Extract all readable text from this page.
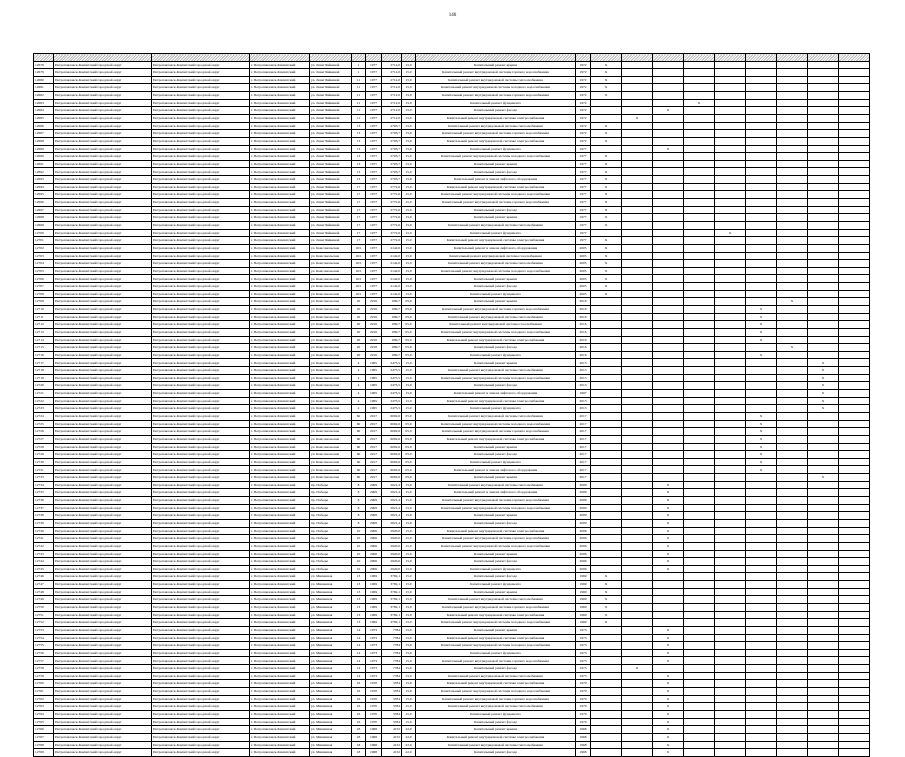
146

12676	Петропавловск-Камчатский городской округ	Петропавловск-Камчатский городской округ	г. Петропавловск-Камчатский	ул. Лени Чайкиной	1	1977	2712,0	15,0	Капитальный ремонт крыши	1972	X								
12679	Петропавловск-Камчатский городской округ	Петропавловск-Камчатский городской округ	г. Петропавловск-Камчатский	ул. Лени Чайкиной	1	1977	2712,0	15,0	Капитальный ремонт внутридомовой системы горячего водоснабжения	1972	X								
12680	Петропавловск-Камчатский городской округ	Петропавловск-Камчатский городской округ	г. Петропавловск-Камчатский	ул. Лени Чайкиной	11	1977	2712,0	15,0	Капитальный ремонт внутридомовой системы теплоснабжения	1972	X								
12681	Петропавловск-Камчатский городской округ	Петропавловск-Камчатский городской округ	г. Петропавловск-Камчатский	ул. Лени Чайкиной	11	1977	2712,0	15,0	Капитальный ремонт внутридомовой системы холодного водоснабжения	1972	X								
12682	Петропавловск-Камчатский городской округ	Петропавловск-Камчатский городской округ	г. Петропавловск-Камчатский	ул. Лени Чайкиной	11	1977	2712,0	15,0	Капитальный ремонт внутридомовой системы горячего водоснабжения	1972	X								
12683	Петропавловск-Камчатский городской округ	Петропавловск-Камчатский городской округ	г. Петропавловск-Камчатский	ул. Лени Чайкиной	11	1977	2712,0	15,0	Капитальный ремонт фундамента	1972				X					
12684	Петропавловск-Камчатский городской округ	Петропавловск-Камчатский городской округ	г. Петропавловск-Камчатский	ул. Лени Чайкиной	11	1977	2712,0	15,0	Капитальный ремонт фасада	1972			X						
12685	Петропавловск-Камчатский городской округ	Петропавловск-Камчатский городской округ	г. Петропавловск-Камчатский	ул. Лени Чайкиной	11	1977	2712,0	15,0	Капитальный ремонт внутридомовой системы электроснабжения	1972		X							
12686	Петропавловск-Камчатский городской округ	Петропавловск-Камчатский городской округ	г. Петропавловск-Камчатский	ул. Лени Чайкиной	13	1977	2703,7	15,0	Капитальный ремонт внутридомовой системы теплоснабжения	1972	X								
12687	Петропавловск-Камчатский городской округ	Петропавловск-Камчатский городской округ	г. Петропавловск-Камчатский	ул. Лени Чайкиной	13	1977	2703,7	15,0	Капитальный ремонт внутридомовой системы горячего водоснабжения	1972	X								
12688	Петропавловск-Камчатский городской округ	Петропавловск-Камчатский городской округ	г. Петропавловск-Камчатский	ул. Лени Чайкиной	13	1977	2703,7	15,0	Капитальный ремонт внутридомовой системы электроснабжения	1972	X								
12689	Петропавловск-Камчатский городской округ	Петропавловск-Камчатский городской округ	г. Петропавловск-Камчатский	ул. Лени Чайкиной	13	1977	2703,7	15,0	Капитальный ремонт фундамента	1977			X						
12690	Петропавловск-Камчатский городской округ	Петропавловск-Камчатский городской округ	г. Петропавловск-Камчатский	ул. Лени Чайкиной	13	1977	2703,7	15,0	Капитальный ремонт внутридомовой системы холодного водоснабжения	1977	X								
12691	Петропавловск-Камчатский городской округ	Петропавловск-Камчатский городской округ	г. Петропавловск-Камчатский	ул. Лени Чайкиной	13	1977	2703,7	15,0	Капитальный ремонт крыши	1977	X								
12692	Петропавловск-Камчатский городской округ	Петропавловск-Камчатский городской округ	г. Петропавловск-Камчатский	ул. Лени Чайкиной	13	1977	2703,7	15,0	Капитальный ремонт фасада	1977	X								
12693	Петропавловск-Камчатский городской округ	Петропавловск-Камчатский городской округ	г. Петропавловск-Камчатский	ул. Лени Чайкиной	13	1977	2703,7	15,0	Капитальный ремонт и замена лифтового оборудования	1977	X								
12694	Петропавловск-Камчатский городской округ	Петропавловск-Камчатский городской округ	г. Петропавловск-Камчатский	ул. Лени Чайкиной	17	1977	2772,6	15,0	Капитальный ремонт внутридомовой системы электроснабжения	1977	X								
12695	Петропавловск-Камчатский городской округ	Петропавловск-Камчатский городской округ	г. Петропавловск-Камчатский	ул. Лени Чайкиной	17	1977	2772,6	15,0	Капитальный ремонт внутридомовой системы холодного водоснабжения	1977	X								
12696	Петропавловск-Камчатский городской округ	Петропавловск-Камчатский городской округ	г. Петропавловск-Камчатский	ул. Лени Чайкиной	17	1977	2772,6	15,0	Капитальный ремонт внутридомовой системы горячего водоснабжения	1977	X								
12697	Петропавловск-Камчатский городской округ	Петропавловск-Камчатский городской округ	г. Петропавловск-Камчатский	ул. Лени Чайкиной	17	1977	2772,6	15,0	Капитальный ремонт фасада	1977	X								
12698	Петропавловск-Камчатский городской округ	Петропавловск-Камчатский городской округ	г. Петропавловск-Камчатский	ул. Лени Чайкиной	17	1977	2772,6	15,0	Капитальный ремонт крыши	1977	X								
12699	Петропавловск-Камчатский городской округ	Петропавловск-Камчатский городской округ	г. Петропавловск-Камчатский	ул. Лени Чайкиной	17	1977	2772,6	15,0	Капитальный ремонт внутридомовой системы теплоснабжения	1977	X								
12700	Петропавловск-Камчатский городской округ	Петропавловск-Камчатский городской округ	г. Петропавловск-Камчатский	ул. Лени Чайкиной	17	1977	2772,6	15,0	Капитальный ремонт фундамента	1977					X				
12701	Петропавловск-Камчатский городской округ	Петропавловск-Камчатский городской округ	г. Петропавловск-Камчатский	ул. Лени Чайкиной	17	1977	2772,6	15,0	Капитальный ремонт внутридомовой системы электроснабжения	1977	X								
12702	Петропавловск-Камчатский городской округ	Петропавловск-Камчатский городской округ	г. Петропавловск-Камчатский	ул. Комсомольская	16/1	1977	2142,0	15,0	Капитальный ремонт и замена лифтового оборудования	2005	X								
12703	Петропавловск-Камчатский городской округ	Петропавловск-Камчатский городской округ	г. Петропавловск-Камчатский	ул. Комсомольская	16/1	1977	2142,0	15,0	Капитальный ремонт внутридомовой системы газоснабжения	2005	X								
12704	Петропавловск-Камчатский городской округ	Петропавловск-Камчатский городской округ	г. Петропавловск-Камчатский	ул. Комсомольская	16/1	1977	2142,0	15,0	Капитальный ремонт внутридомовой системы теплоснабжения	2005	X								
12705	Петропавловск-Камчатский городской округ	Петропавловск-Камчатский городской округ	г. Петропавловск-Камчатский	ул. Комсомольская	16/1	1977	2142,0	15,0	Капитальный ремонт внутридомовой системы холодного водоснабжения	2005	X								
12706	Петропавловск-Камчатский городской округ	Петропавловск-Камчатский городской округ	г. Петропавловск-Камчатский	ул. Комсомольская	16/1	1977	2142,0	15,0	Капитальный ремонт крыши	2005	X								
12707	Петропавловск-Камчатский городской округ	Петропавловск-Камчатский городской округ	г. Петропавловск-Камчатский	ул. Комсомольская	16/1	1977	2142,0	15,0	Капитальный ремонт фасада	2005	X								
12708	Петропавловск-Камчатский городской округ	Петропавловск-Камчатский городской округ	г. Петропавловск-Камчатский	ул. Комсомольская	16/1	1977	2142,0	15,0	Капитальный ремонт фундамента	2005	X								
12709	Петропавловск-Камчатский городской округ	Петропавловск-Камчатский городской округ	г. Петропавловск-Камчатский	ул. Комсомольская	20	2016	699,7	05,0	Капитальный ремонт крыши	2016							X		
12710	Петропавловск-Камчатский городской округ	Петропавловск-Камчатский городской округ	г. Петропавловск-Камчатский	ул. Комсомольская	20	2016	699,7	05,0	Капитальный ремонт внутридомовой системы горячего водоснабжения	2016						X			
12711	Петропавловск-Камчатский городской округ	Петропавловск-Камчатский городской округ	г. Петропавловск-Камчатский	ул. Комсомольская	20	2016	699,7	05,0	Капитальный ремонт внутридомовой системы теплоснабжения	2016						X			
12712	Петропавловск-Камчатский городской округ	Петропавловск-Камчатский городской округ	г. Петропавловск-Камчатский	ул. Комсомольская	20	2016	699,7	05,0	Капитальный ремонт внутридомовой системы газоснабжения	2016						X			
12713	Петропавловск-Камчатский городской округ	Петропавловск-Камчатский городской округ	г. Петропавловск-Камчатский	ул. Комсомольская	20	2016	699,7	05,0	Капитальный ремонт внутридомовой системы холодного водоснабжения	2016						X			
12714	Петропавловск-Камчатский городской округ	Петропавловск-Камчатский городской округ	г. Петропавловск-Камчатский	ул. Комсомольская	20	2016	699,7	05,0	Капитальный ремонт внутридомовой системы электроснабжения	2016						X			
12715	Петропавловск-Камчатский городской округ	Петропавловск-Камчатский городской округ	г. Петропавловск-Камчатский	ул. Комсомольская	20	2016	699,7	05,0	Капитальный ремонт фасада	2016							X		
12716	Петропавловск-Камчатский городской округ	Петропавловск-Камчатский городской округ	г. Петропавловск-Камчатский	ул. Комсомольская	20	2016	699,7	05,0	Капитальный ремонт фундамента	2016						X			
12717	Петропавловск-Камчатский городской округ	Петропавловск-Камчатский городской округ	г. Петропавловск-Камчатский	ул. Комсомольская	4	1965	2475,5	15,0	Капитальный ремонт крыши	2013								X	
12718	Петропавловск-Камчатский городской округ	Петропавловск-Камчатский городской округ	г. Петропавловск-Камчатский	ул. Комсомольская	4	1965	2475,5	15,0	Капитальный ремонт внутридомовой системы теплоснабжения	2013								X	
12719	Петропавловск-Камчатский городской округ	Петропавловск-Камчатский городской округ	г. Петропавловск-Камчатский	ул. Комсомольская	4	1965	2475,5	15,0	Капитальный ремонт внутридомовой системы холодного водоснабжения	2013								X	
12720	Петропавловск-Камчатский городской округ	Петропавловск-Камчатский городской округ	г. Петропавловск-Камчатский	ул. Комсомольская	4	1965	2475,5	15,0	Капитальный ремонт фасада	2013								X	
12721	Петропавловск-Камчатский городской округ	Петропавловск-Камчатский городской округ	г. Петропавловск-Камчатский	ул. Комсомольская	4	1965	2475,5	15,0	Капитальный ремонт и замена лифтового оборудования	1997								X	
12722	Петропавловск-Камчатский городской округ	Петропавловск-Камчатский городской округ	г. Петропавловск-Камчатский	ул. Комсомольская	4	1965	2475,5	15,0	Капитальный ремонт внутридомовой системы электроснабжения	2013								X	
12723	Петропавловск-Камчатский городской округ	Петропавловск-Камчатский городской округ	г. Петропавловск-Камчатский	ул. Комсомольская	4	1965	2475,5	15,0	Капитальный ремонт фундамента	2013								X	
12724	Петропавловск-Камчатский городской округ	Петропавловск-Камчатский городской округ	г. Петропавловск-Камчатский	ул. Комсомольская	60	2017	6002,6	05,0	Капитальный ремонт внутридомовой системы теплоснабжения	2017						X			
12725	Петропавловск-Камчатский городской округ	Петропавловск-Камчатский городской округ	г. Петропавловск-Камчатский	ул. Комсомольская	60	2017	6002,6	05,0	Капитальный ремонт внутридомовой системы холодного водоснабжения	2017						X			
12726	Петропавловск-Камчатский городской округ	Петропавловск-Камчатский городской округ	г. Петропавловск-Камчатский	ул. Комсомольская	60	2017	6002,6	05,0	Капитальный ремонт внутридомовой системы горячего водоснабжения	2017						X			
12727	Петропавловск-Камчатский городской округ	Петропавловск-Камчатский городской округ	г. Петропавловск-Камчатский	ул. Комсомольская	60	2017	6002,6	05,0	Капитальный ремонт внутридомовой системы электроснабжения	2017						X			
12728	Петропавловск-Камчатский городской округ	Петропавловск-Камчатский городской округ	г. Петропавловск-Камчатский	ул. Комсомольская	60	2017	6002,6	05,0	Капитальный ремонт крыши	2017						X			
12729	Петропавловск-Камчатский городской округ	Петропавловск-Камчатский городской округ	г. Петропавловск-Камчатский	ул. Комсомольская	60	2017	6002,6	05,0	Капитальный ремонт фасада	2017						X			
12730	Петропавловск-Камчатский городской округ	Петропавловск-Камчатский городской округ	г. Петропавловск-Камчатский	ул. Комсомольская	60	2017	6002,6	05,0	Капитальный ремонт фундамента	2017						X			
12731	Петропавловск-Камчатский городской округ	Петропавловск-Камчатский городской округ	г. Петропавловск-Камчатский	ул. Комсомольская	60	2017	6002,6	05,0	Капитальный ремонт и замена лифтового оборудования	2017						X			
12733	Петропавловск-Камчатский городской округ	Петропавловск-Камчатский городской округ	г. Петропавловск-Камчатский	ул. Комсомольская	60	2017	6002,6	05,0	Капитальный ремонт крыши	2017								X	
12734	Петропавловск-Камчатский городской округ	Петропавловск-Камчатский городской округ	г. Петропавловск-Камчатский	пр. Победы	8	2009	2021,4	15,0	Капитальный ремонт внутридомовой системы теплоснабжения	2009			X						
12735	Петропавловск-Камчатский городской округ	Петропавловск-Камчатский городской округ	г. Петропавловск-Камчатский	пр. Победы	8	2009	2021,4	15,0	Капитальный ремонт и замена лифтового оборудования	2009			X						
12736	Петропавловск-Камчатский городской округ	Петропавловск-Камчатский городской округ	г. Петропавловск-Камчатский	пр. Победы	8	2009	2021,4	15,0	Капитальный ремонт внутридомовой системы горячего водоснабжения	2009			X						
12737	Петропавловск-Камчатский городской округ	Петропавловск-Камчатский городской округ	г. Петропавловск-Камчатский	пр. Победы	8	2009	2021,4	15,0	Капитальный ремонт внутридомовой системы холодного водоснабжения	2009			X						
12738	Петропавловск-Камчатский городской округ	Петропавловск-Камчатский городской округ	г. Петропавловск-Камчатский	пр. Победы	8	2009	2021,4	15,0	Капитальный ремонт крыши	2009			X						
12739	Петропавловск-Камчатский городской округ	Петропавловск-Камчатский городской округ	г. Петропавловск-Камчатский	пр. Победы	8	2009	2021,4	15,0	Капитальный ремонт фасада	2009			X						
12740	Петропавловск-Камчатский городской округ	Петропавловск-Камчатский городской округ	г. Петропавловск-Камчатский	пр. Победы	10	2006	2920,0	15,0	Капитальный ремонт внутридомовой системы электроснабжения	2006			X						
12741	Петропавловск-Камчатский городской округ	Петропавловск-Камчатский городской округ	г. Петропавловск-Камчатский	пр. Победы	10	2006	2920,0	15,0	Капитальный ремонт внутридомовой системы горячего водоснабжения	2006			X						
12742	Петропавловск-Камчатский городской округ	Петропавловск-Камчатский городской округ	г. Петропавловск-Камчатский	пр. Победы	10	2006	2920,0	15,0	Капитальный ремонт внутридомовой системы холодного водоснабжения	2006			X						
12743	Петропавловск-Камчатский городской округ	Петропавловск-Камчатский городской округ	г. Петропавловск-Камчатский	пр. Победы	10	2006	2920,0	15,0	Капитальный ремонт крыши	2006			X						
12744	Петропавловск-Камчатский городской округ	Петропавловск-Камчатский городской округ	г. Петропавловск-Камчатский	пр. Победы	10	2006	2920,0	15,0	Капитальный ремонт фасада	2006			X						
12745	Петропавловск-Камчатский городской округ	Петропавловск-Камчатский городской округ	г. Петропавловск-Камчатский	пр. Победы	10	2006	2920,0	15,0	Капитальный ремонт фундамента	2006			X						
12746	Петропавловск-Камчатский городской округ	Петропавловск-Камчатский городской округ	г. Петропавловск-Камчатский	ул. Мишенная	13	1969	3782,1	15,0	Капитальный ремонт фасада	1969	X								
12747	Петропавловск-Камчатский городской округ	Петропавловск-Камчатский городской округ	г. Петропавловск-Камчатский	ул. Мишенная	13	1969	3782,1	15,0	Капитальный ремонт фундамента	1969	X								
12748	Петропавловск-Камчатский городской округ	Петропавловск-Камчатский городской округ	г. Петропавловск-Камчатский	ул. Мишенная	13	1969	3782,1	15,0	Капитальный ремонт крыши	1969	X								
12749	Петропавловск-Камчатский городской округ	Петропавловск-Камчатский городской округ	г. Петропавловск-Камчатский	ул. Мишенная	13	1969	3782,1	15,0	Капитальный ремонт внутридомовой системы теплоснабжения	1969	X								
12750	Петропавловск-Камчатский городской округ	Петропавловск-Камчатский городской округ	г. Петропавловск-Камчатский	ул. Мишенная	13	1969	3782,1	15,0	Капитальный ремонт внутридомовой системы горячего водоснабжения	1969	X								
12751	Петропавловск-Камчатский городской округ	Петропавловск-Камчатский городской округ	г. Петропавловск-Камчатский	ул. Мишенная	13	1969	3782,1	15,0	Капитальный ремонт внутридомовой системы электроснабжения	1969	X								
12752	Петропавловск-Камчатский городской округ	Петропавловск-Камчатский городской округ	г. Петропавловск-Камчатский	ул. Мишенная	13	1969	3782,1	15,0	Капитальный ремонт внутридомовой системы холодного водоснабжения	1969	X								
12753	Петропавловск-Камчатский городской округ	Петропавловск-Камчатский городской округ	г. Петропавловск-Камчатский	ул. Мишенная	14	1973	7784	15,0	Капитальный ремонт крыши	1973			X						
12754	Петропавловск-Камчатский городской округ	Петропавловск-Камчатский городской округ	г. Петропавловск-Камчатский	ул. Мишенная	14	1973	7784	15,0	Капитальный ремонт внутридомовой системы электроснабжения	1973			X						
12755	Петропавловск-Камчатский городской округ	Петропавловск-Камчатский городской округ	г. Петропавловск-Камчатский	ул. Мишенная	14	1973	7784	15,0	Капитальный ремонт внутридомовой системы холодного водоснабжения	1973			X						
12756	Петропавловск-Камчатский городской округ	Петропавловск-Камчатский городской округ	г. Петропавловск-Камчатский	ул. Мишенная	14	1973	7784	15,0	Капитальный ремонт фундамента	1973			X						
12757	Петропавловск-Камчатский городской округ	Петропавловск-Камчатский городской округ	г. Петропавловск-Камчатский	ул. Мишенная	14	1973	7784	15,0	Капитальный ремонт внутридомовой системы горячего водоснабжения	1973			X						
12758	Петропавловск-Камчатский городской округ	Петропавловск-Камчатский городской округ	г. Петропавловск-Камчатский	ул. Мишенная	14	1973	7784	15,0	Капитальный ремонт фасада	1973		X							
12759	Петропавловск-Камчатский городской округ	Петропавловск-Камчатский городской округ	г. Петропавловск-Камчатский	ул. Мишенная	14	1973	7784	15,0	Капитальный ремонт внутридомовой системы теплоснабжения	1973			X						
12760	Петропавловск-Камчатский городской округ	Петропавловск-Камчатский городской округ	г. Петропавловск-Камчатский	ул. Мишенная	16	1970	3784	15,0	Капитальный ремонт внутридомовой системы электроснабжения	1970			X						
12761	Петропавловск-Камчатский городской округ	Петропавловск-Камчатский городской округ	г. Петропавловск-Камчатский	ул. Мишенная	16	1970	3784	15,0	Капитальный ремонт внутридомовой системы холодного водоснабжения	1970			X						
12762	Петропавловск-Камчатский городской округ	Петропавловск-Камчатский городской округ	г. Петропавловск-Камчатский	ул. Мишенная	16	1970	3784	15,0	Капитальный ремонт внутридомовой системы горячего водоснабжения	1970			X						
12763	Петропавловск-Камчатский городской округ	Петропавловск-Камчатский городской округ	г. Петропавловск-Камчатский	ул. Мишенная	16	1970	3784	15,0	Капитальный ремонт внутридомовой системы теплоснабжения	1970			X						
12764	Петропавловск-Камчатский городской округ	Петропавловск-Камчатский городской округ	г. Петропавловск-Камчатский	ул. Мишенная	16	1970	3784	15,0	Капитальный ремонт фундамента	1970			X						
12765	Петропавловск-Камчатский городской округ	Петропавловск-Камчатский городской округ	г. Петропавловск-Камчатский	ул. Мишенная	16	1970	3784	15,0	Капитальный ремонт фасада	1970			X						
12766	Петропавловск-Камчатский городской округ	Петропавловск-Камчатский городской округ	г. Петропавловск-Камчатский	ул. Мишенная	18	1968	4152	22,0	Капитальный ремонт крыши	1968			X						
12767	Петропавловск-Камчатский городской округ	Петропавловск-Камчатский городской округ	г. Петропавловск-Камчатский	ул. Мишенная	18	1968	4152	22,0	Капитальный ремонт внутридомовой системы электроснабжения	1968			X						
12768	Петропавловск-Камчатский городской округ	Петропавловск-Камчатский городской округ	г. Петропавловск-Камчатский	ул. Мишенная	18	1968	4152	22,0	Капитальный ремонт внутридомовой системы теплоснабжения	1968			X						
12769	Петропавловск-Камчатский городской округ	Петропавловск-Камчатский городской округ	г. Петропавловск-Камчатский	ул. Мишенная	18	1968	4152	22,0	Капитальный ремонт фасада	1968			X						
